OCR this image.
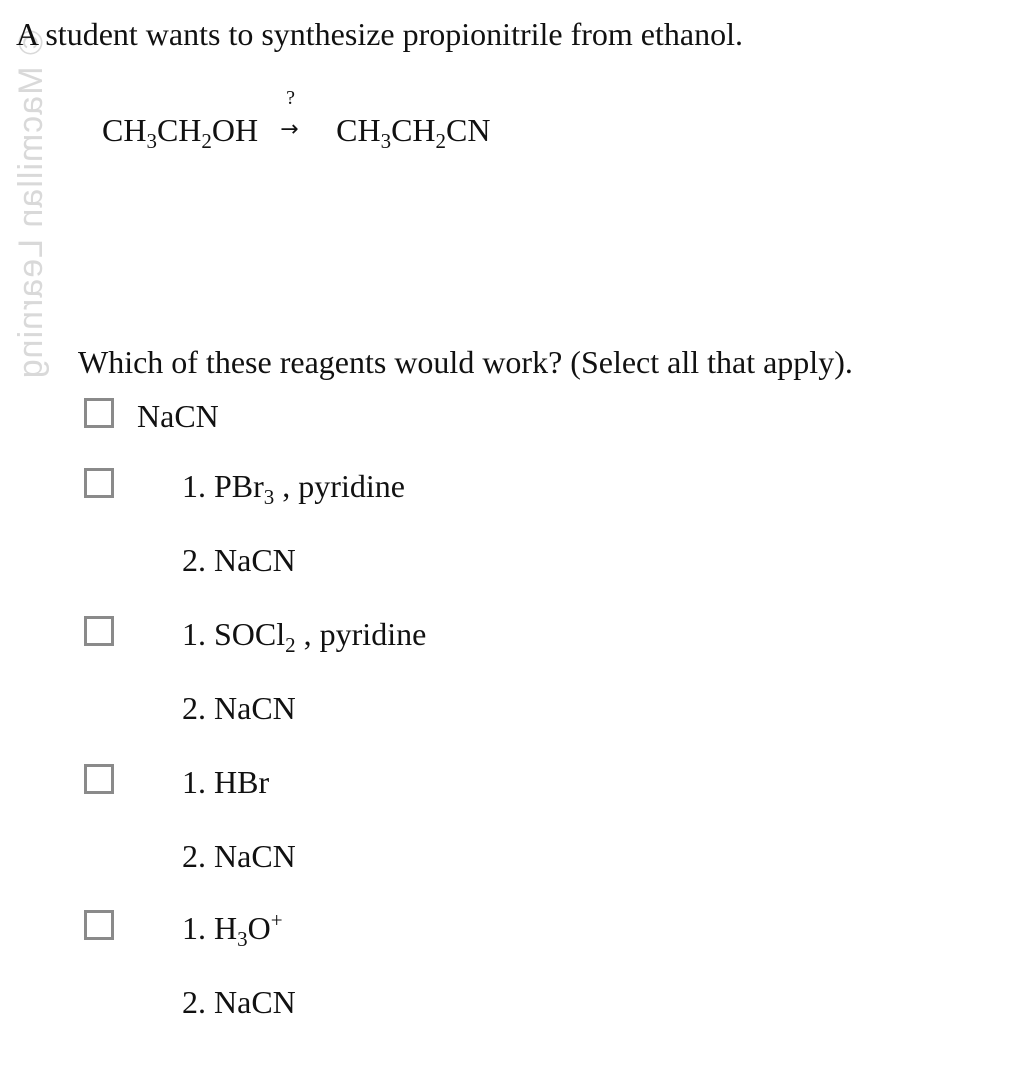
© Macmillan Learning

A student wants to synthesize propionitrile from ethanol.

$CH_3CH_2OH$
?
→ $CH_3CH_2CN$

Which of these reagents would work? (Select all that apply).

NaCN

1. PBr$_3$ , pyridine

2. NaCN

1. SOCl$_2$ , pyridine

2. NaCN

1. HBr

2. NaCN

1. $H_3O^+$

2. NaCN
